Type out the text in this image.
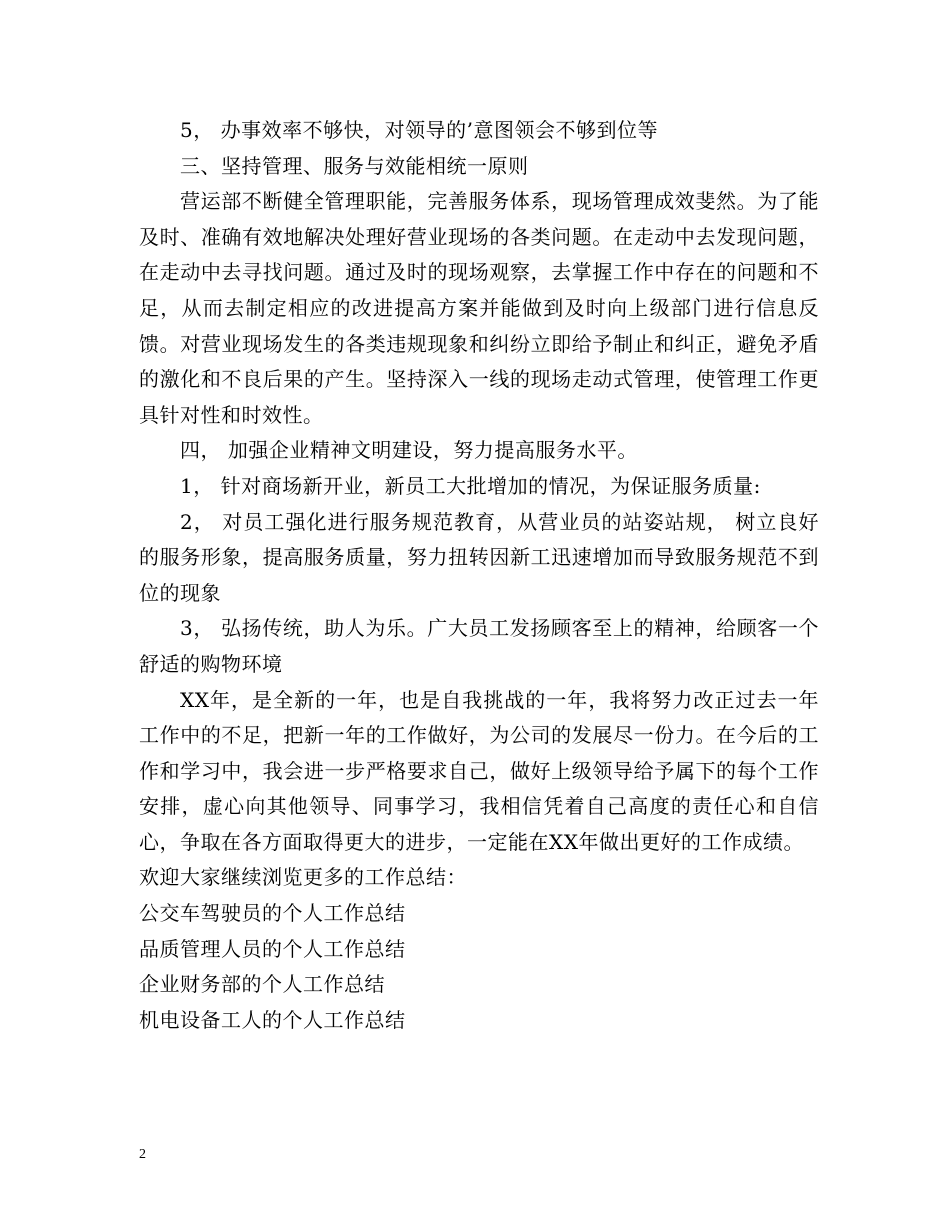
5， 办事效率不够快，对领导的’意图领会不够到位等

三、坚持管理、服务与效能相统一原则

营运部不断健全管理职能，完善服务体系，现场管理成效斐然。为了能及时、准确有效地解决处理好营业现场的各类问题。在走动中去发现问题，在走动中去寻找问题。通过及时的现场观察，去掌握工作中存在的问题和不足，从而去制定相应的改进提高方案并能做到及时向上级部门进行信息反馈。对营业现场发生的各类违规现象和纠纷立即给予制止和纠正，避免矛盾的激化和不良后果的产生。坚持深入一线的现场走动式管理，使管理工作更具针对性和时效性。

四， 加强企业精神文明建设，努力提高服务水平。

1， 针对商场新开业，新员工大批增加的情况，为保证服务质量:

2， 对员工强化进行服务规范教育，从营业员的站姿站规， 树立良好的服务形象，提高服务质量，努力扭转因新工迅速增加而导致服务规范不到位的现象

3， 弘扬传统，助人为乐。广大员工发扬顾客至上的精神，给顾客一个舒适的购物环境

XX年，是全新的一年，也是自我挑战的一年，我将努力改正过去一年工作中的不足，把新一年的工作做好，为公司的发展尽一份力。在今后的工作和学习中，我会进一步严格要求自己，做好上级领导给予属下的每个工作安排，虚心向其他领导、同事学习，我相信凭着自己高度的责任心和自信心，争取在各方面取得更大的进步，一定能在XX年做出更好的工作成绩。

欢迎大家继续浏览更多的工作总结：

公交车驾驶员的个人工作总结

品质管理人员的个人工作总结

企业财务部的个人工作总结

机电设备工人的个人工作总结

2
